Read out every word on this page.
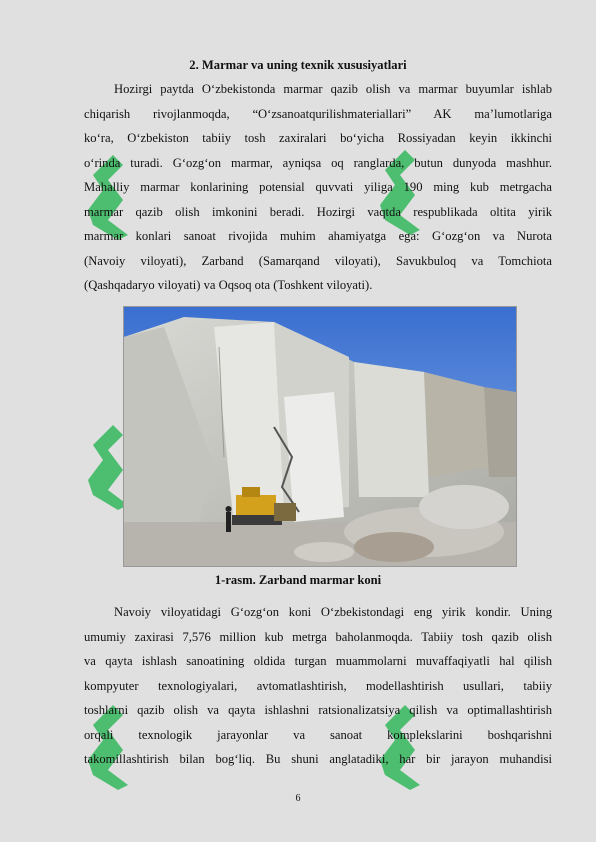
2. Marmar va uning texnik xususiyatlari
Hozirgi paytda O‘zbekistonda marmar qazib olish va marmar buyumlar ishlab
chiqarish rivojlanmoqda, “O‘zsanoatqurilishmateriallari” AK ma’lumotlariga
ko‘ra, O‘zbekiston tabiiy tosh zaxiralari bo‘yicha Rossiyadan keyin ikkinchi
o‘rinda turadi. G‘ozg‘on marmar, ayniqsa oq ranglarda, butun dunyoda mashhur.
Mahalliy marmar konlarining potensial quvvati yiliga 190 ming kub metrgacha
marmar qazib olish imkonini beradi. Hozirgi vaqtda respublikada oltita yirik
marmar konlari sanoat rivojida muhim ahamiyatga ega: G‘ozg‘on va Nurota
(Navoiy viloyati), Zarband (Samarqand viloyati), Savukbuloq va Tomchiota
(Qashqadaryo viloyati) va Oqsoq ota (Toshkent viloyati).
1-rasm. Zarband marmar koni
Navoiy viloyatidagi G‘ozg‘on koni O‘zbekistondagi eng yirik kondir. Uning
umumiy zaxirasi 7,576 million kub metrga baholanmoqda. Tabiiy tosh qazib olish
va qayta ishlash sanoatining oldida turgan muammolarni muvaffaqiyatli hal qilish
kompyuter texnologiyalari, avtomatlashtirish, modellashtirish usullari, tabiiy
toshlarni qazib olish va qayta ishlashni ratsionalizatsiya qilish va optimallashtirish
orqali texnologik jarayonlar va sanoat komplekslarini boshqarishni
takomillashtirish bilan bog‘liq. Bu shuni anglatadiki, har bir jarayon muhandisi
6
